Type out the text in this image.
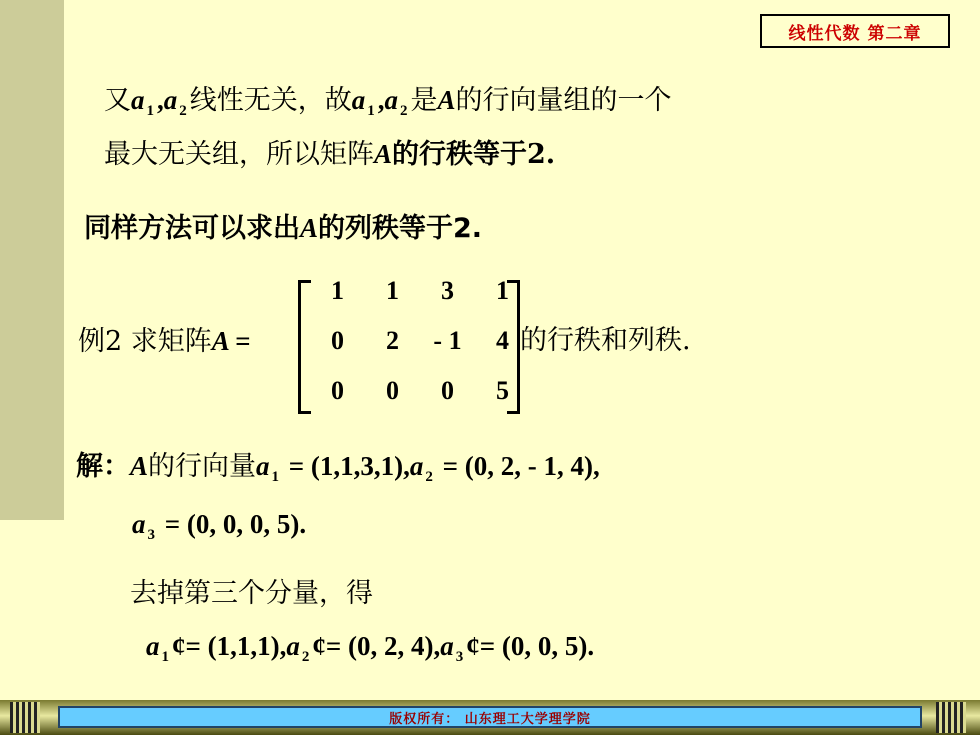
线性代数 第二章
又a $_1$ ,a $_2$ 线性无关，故a $_1$ ,a $_2$ 是A的行向量组的一个
最大无关组，所以矩阵A的行秩等于2.
同样方法可以求出A的列秩等于2.
例2 求矩阵A =
1	1	3	1
0	2	- 1	4
0	0	0	5
的行秩和列秩.
解：A的行向量a $_1$ = (1,1,3,1),a $_2$ = (0, 2, - 1, 4),
a $_3$ = (0, 0, 0, 5).
去掉第三个分量，得
a $_1$ ¢= (1,1,1),a $_2$ ¢= (0, 2, 4),a $_3$ ¢= (0, 0, 5).
版权所有： 山东理工大学理学院
